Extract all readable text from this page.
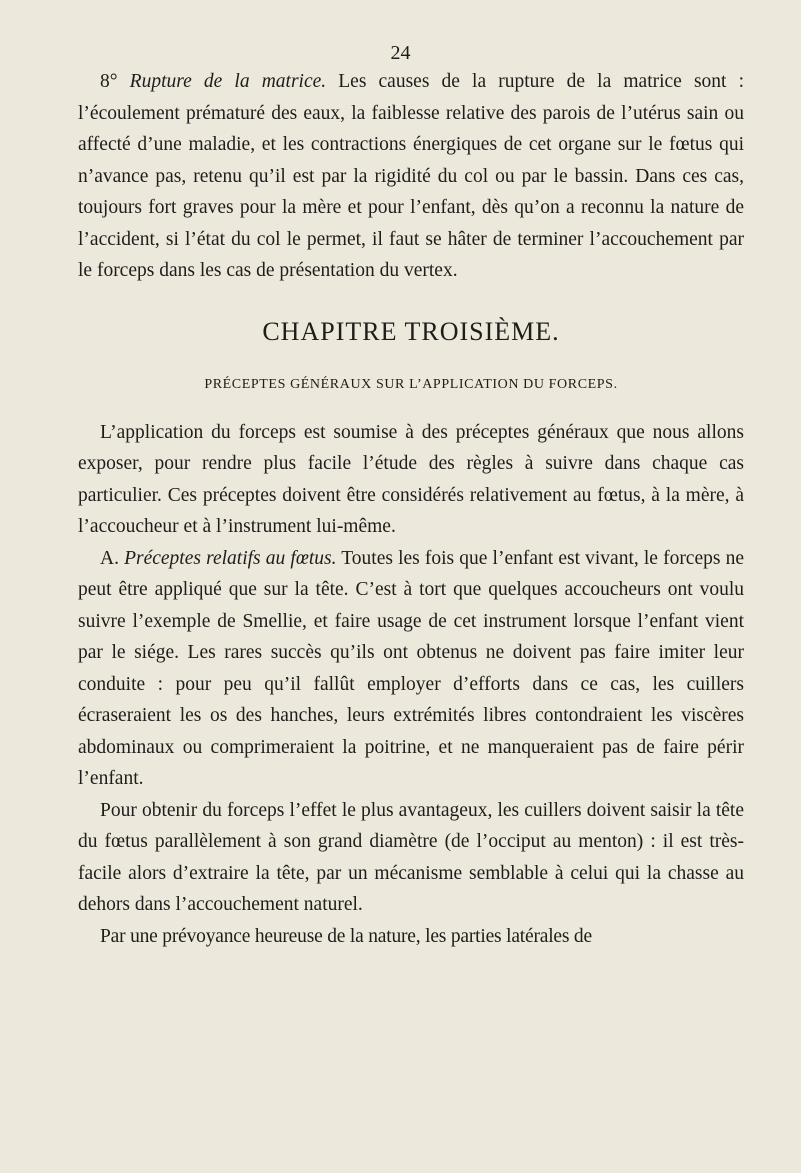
24

8° Rupture de la matrice. Les causes de la rupture de la matrice sont : l’écoulement prématuré des eaux, la faiblesse relative des parois de l’utérus sain ou affecté d’une maladie, et les contractions énergiques de cet organe sur le fœtus qui n’avance pas, retenu qu’il est par la rigidité du col ou par le bassin. Dans ces cas, toujours fort graves pour la mère et pour l’enfant, dès qu’on a reconnu la nature de l’accident, si l’état du col le permet, il faut se hâter de terminer l’accouchement par le forceps dans les cas de présentation du vertex.

CHAPITRE TROISIÈME.
PRÉCEPTES GÉNÉRAUX SUR L’APPLICATION DU FORCEPS.

L’application du forceps est soumise à des préceptes généraux que nous allons exposer, pour rendre plus facile l’étude des règles à suivre dans chaque cas particulier. Ces préceptes doivent être considérés relativement au fœtus, à la mère, à l’accoucheur et à l’instrument lui-même.

A. Préceptes relatifs au fœtus. Toutes les fois que l’enfant est vivant, le forceps ne peut être appliqué que sur la tête. C’est à tort que quelques accoucheurs ont voulu suivre l’exemple de Smellie, et faire usage de cet instrument lorsque l’enfant vient par le siége. Les rares succès qu’ils ont obtenus ne doivent pas faire imiter leur conduite : pour peu qu’il fallût employer d’efforts dans ce cas, les cuillers écraseraient les os des hanches, leurs extrémités libres contondraient les viscères abdominaux ou comprimeraient la poitrine, et ne manqueraient pas de faire périr l’enfant.

Pour obtenir du forceps l’effet le plus avantageux, les cuillers doivent saisir la tête du fœtus parallèlement à son grand diamètre (de l’occiput au menton) : il est très-facile alors d’extraire la tête, par un mécanisme semblable à celui qui la chasse au dehors dans l’accouchement naturel.

Par une prévoyance heureuse de la nature, les parties latérales de
